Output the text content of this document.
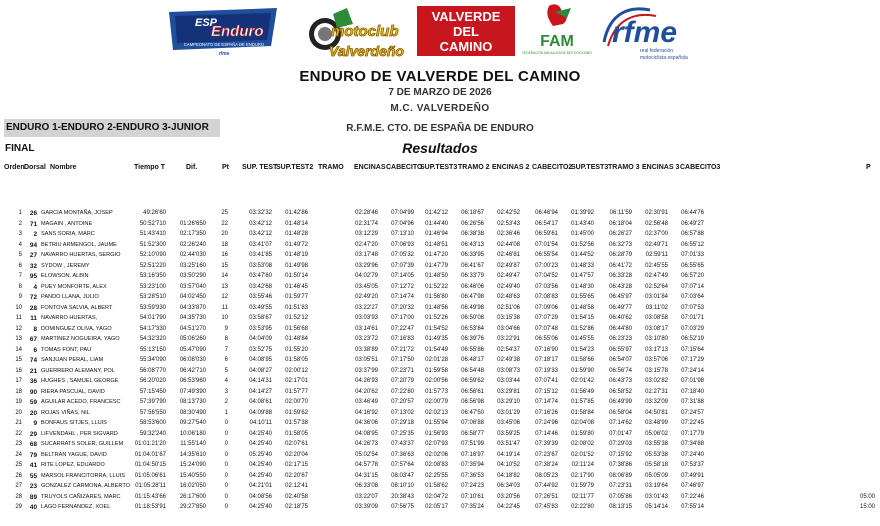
ESP
Enduro
CAMPEONATO DE ESPAÑA DE ENDURO
rfme
motoclub
Valverdeño
VALVERDE
DEL
CAMINO	FAM
FEDERACIÓN ANDALUZA DE MOTOCICLISMO
rfme
real federación
motociclista española
ENDURO DE VALVERDE DEL CAMINO
7 DE MARZO DE 2026
M.C. VALVERDEÑO
R.F.M.E. CTO. DE ESPAÑA DE ENDURO
Resultados
ENDURO 1-ENDURO 2-ENDURO 3-JUNIOR
FINAL
Orden Dorsal Nombre	Tiempo T	Dif.	Pt SUP. TEST
SUP.TEST2 TRAMO ENCINAS CABECITO
SUP.TEST3 TRAMO 2 ENCINAS 2 CABECITO2
SUP.TEST3 TRAMO 3 ENCINAS 3 CABECITO3	P
1	26 GARCIA MONTAÑA, JOSEP	49:26'60	25	03:32'32	01:42'86	02:28'46	07:04'99	01:42'12	06:18'67	02:42'52	06:46'94	01:39'92	06:11'59	02:30'91	06:44'76
2	71 MAGAIN , ANTOINE	50:52'710	01:26'650	22	03:42'12	01:48'14	02:31'74	07:04'96	01:44'40	06:26'56	02:53'43	06:54'17	01:43'40	06:18'04	02:56'48	06:49'27
3	2 SANS SORIA, MARC	51:43'410	02:17'350	20	03:42'12	01:48'28	03:12'29	07:13'10	01:46'94	06:38'38	02:36'46	06:59'61	01:45'00	06:26'27	02:37'00	06:57'88
4	94 BETRIU ARMENGOL, JAUME	51:52'300	02:26'240	18	03:41'07	01:49'72	02:47'20	07:06'93	01:48'51	06:43'13	02:44'08	07:01'54	01:52'56	06:32'73	02:49'71	06:55'12
5	27 NAVARRO HUERTAS, SERGIO	52:10'090	02:44'030	16	03:41'85	01:48'19	03:17'48	07:05'32	01:47'20	06:33'95	02:46'81	06:55'54	01:44'52	06:28'79	02:59'11	07:01'33
6	32 SYDOW , JEREMY	52:51'220	03:25'160	15	03:53'08	01:49'98	03:29'96	07:07'39	01:47'79	06:41'67	02:49'87	07:00'23	01:48'33	06:41'72	02:45'55	06:55'65
7	95 ELOWSON, ALBIN	53:16'350	03:50'290	14	03:47'60	01:50'14	04:02'79	07:14'05	01:48'50	06:33'79	02:49'47	07:04'52	01:47'57	06:33'28	02:47'49	06:57'20
8	4 PUEY MONFORTE, ALEX	53:23'100	03:57'040	13	03:42'68	01:46'45	03:45'05	07:12'72	01:52'22	06:46'06	02:49'40	07:03'56	01:48'30	06:43'28	02:52'64	07:07'14
9	72 PANDO LLANA, JULIO	53:28'510	04:02'450	12	03:55'46	01:59'77	02:49'20	07:14'74	01:56'80	06:47'98	02:48'63	07:08'83	01:55'65	06:45'97	03:01'84	07:03'64
10	28 FONTOVA SALVIA, ALBERT	53:59'930	04:33'870	11	03:49'55	01:51'83	03:22'27	07:20'32	01:48'56	06:49'98	02:51'06	07:09'06	01:48'58	06:49'77	03:11'02	07:07'53
11	11 NAVARRO HUERTAS,	54:01'790	04:35'730	10	03:58'67	01:52'12	03:03'93	07:17'00	01:52'26	06:50'08	03:15'38	07:07'29	01:54'15	06:40'62	03:08'58	07:01'71
12	8 DOMINGUEZ OLIVA, YAGO	54:17'330	04:51'270	9	03:53'95	01:56'68	03:14'61	07:22'47	01:54'52	06:53'84	03:04'66	07:07'48	01:52'86	06:44'80	03:08'17	07:03'29
13	67 MARTINEZ NOGUEIRA, YAGO	54:32'320	05:06'260	8	04:04'09	01:48'84	03:23'72	07:16'83	01:49'35	06:39'76	03:22'91	06:55'06	01:45'55	06:23'23	03:10'80	06:52'19
14	6 TOMAS FONT, PAU	55:13'150	05:47'090	7	03:52'75	01:55'20	03:38'89	07:21'72	01:54'49	06:55'86	02:54'37	07:16'90	01:54'23	06:55'97	03:17'13	07:15'64
15	74 SANJUAN PERAL, LIAM	55:34'090	06:08'030	6	04:08'95	01:58'05	03:05'51	07:17'50	02:01'28	06:48'17	02:49'38	07:18'17	01:58'66	06:54'07	03:57'06	07:17'29
16	21 GUERRERO ALEMANY, POL	56:08'770	06:42'710	5	04:08'27	02:00'12	03:37'99	07:23'71	01:59'58	06:54'48	03:08'73	07:19'33	01:59'90	06:56'74	03:15'78	07:24'14
17	36 HUGHES , SAMUEL GEORGE	56:20'020	06:53'960	4	04:14'31	02:17'01	04:26'93	07:20'79	02:00'56	06:59'62	03:03'44	07:07'41	02:01'42	06:43'73	03:02'82	07:01'98
18	90 RIERA PASCUAL, DAVID	57:15'450	07:49'390	3	04:14'27	01:57'77	04:20'62	07:22'80	01:57'73	06:56'61	03:29'81	07:15'12	01:56'49	06:58'52	02:27'31	07:18'40
19	59 AGUILAR ACEDO, FRANCESC	57:39'790	08:13'730	2	04:08'61	02:00'70	03:46'49	07:20'57	02:00'79	06:56'98	03:29'10	07:14'74	01:57'85	06:49'99	03:32'09	07:31'88
20	20 ROJAS VIÑAS, NIL	57:56'550	08:30'490	1	04:09'88	01:59'62	04:16'92	07:13'02	02:02'13	06:47'50	03:01'29	07:16'26	01:58'84	06:58'04	04:50'81	07:24'57
21	9 BONFAUS SITJES, LLUIS	58:53'600	09:27'540	0	04:10'11	01:57'38	04:36'06	07:29'18	01:55'94	07:06'88	03:45'06	07:24'96	02:04'08	07:14'62	03:48'99	07:22'45
22	29 LIFVENDAHL , PER SIGVARD	59:32'240	10:06'180	0	04:25'40	01:58'05	04:08'95	07:25'35	01:56'93	06:58'77	03:59'25	07:14'46	01:59'80	07:01'47	05:06'02	07:17'79
23	68 SUCARRATS SOLER, GUILLEM	01:01:21'20	11:55'140	0	04:25'40	02:07'61	04:26'73	07:43'37	02:07'93	07:51'99	03:51'47	07:39'39	02:08'02	07:29'03	03:55'38	07:34'88
24	79 BELTRAN YAGUE, DAVID	01:04:01'67	14:35'610	0	05:25'40	02:20'04	05:02'54	07:36'63	02:02'06	07:16'97	04:19'14	07:23'67	02:01'52	07:15'92	05:53'38	07:24'40
25	41 RITE LOPEZ, EDUARDO	01:04:50'15	15:24'090	0	04:25'40	02:17'15	04:57'78	07:57'64	02:08'83	07:35'94	04:10'52	07:38'24	02:11'24	07:38'86	05:58'18	07:53'37
26	55 MARSOL FRANCITORRA, LLUIS	01:05:06'61	15:40'550	0	04:25'40	02:20'67	04:31'15	08:03'47	02:25'55	07:36'53	04:18'82	08:05'23	02:17'90	08:06'89	05:05'09	07:49'91
27	23 GONZALEZ CARMONA, ALBERTO 01:05:28'11	16:02'050	0	04:21'01	02:12'41	06:33'08	08:10'10	01:58'62	07:24'23	06:34'03	07:44'92	01:59'79	07:23'31	03:19'64	07:46'97
28	89 TRUYOLS CAÑIZARES, MARC	01:15:43'66	26:17'600	0	04:08'56	02:40'58	03:22'07	20:38'43	02:04'72	07:10'61	03:20'56	07:26'51	02:11'77	07:05'86	03:01'43	07:22'46	05:00
29	40 LAGO FERNANDEZ, XOEL	01:18:53'91	29:27'850	0	04:25'40	02:18'75	03:39'09	07:56'75	02:05'17	07:35'24	04:22'45	07:45'83	02:22'80	08:13'15	05:14'14	07:55'14	15:00
